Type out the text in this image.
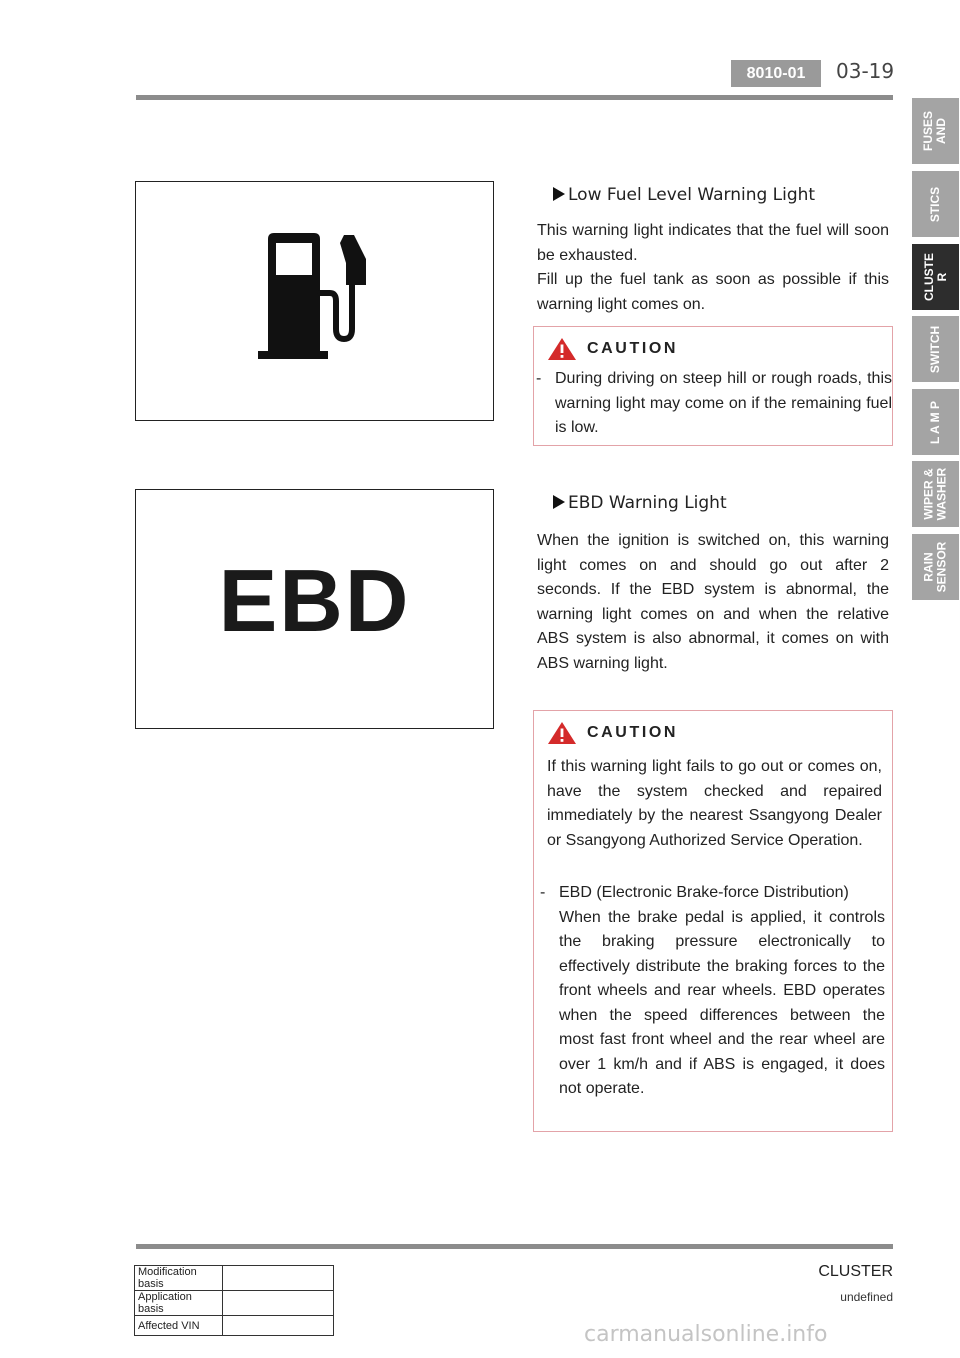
8010-01	03-19
FUSES
AND
STICS
CLUSTE
R
SWITCH
L A M P
WIPER &
WASHER
RAIN
SENSOR
Low Fuel Level Warning Light
This warning light indicates that the fuel will soon be exhausted.
Fill up the fuel tank as soon as possible if this warning light comes on.
CAUTION
- During driving on steep hill or rough roads, this warning light may come on if the remaining fuel is low.
EBD
EBD Warning Light
When the ignition is switched on, this warning light comes on and should go out after 2 seconds. If the EBD system is abnormal, the warning light comes on and when the relative ABS system is also abnormal, it comes on with ABS warning light.
CAUTION
If this warning light fails to go out or comes on, have the system checked and repaired immediately by the nearest Ssangyong Dealer or Ssangyong Authorized Service Operation.
- EBD (Electronic Brake-force Distribution)
When the brake pedal is applied, it controls the braking pressure electronically to effectively distribute the braking forces to the front wheels and rear wheels. EBD operates when the speed differences between the most fast front wheel and the rear wheel are over 1 km/h and if ABS is engaged, it does not operate.
CLUSTER
undefined
Modification basis	
Application basis	
Affected VIN		carmanualsonline.info
